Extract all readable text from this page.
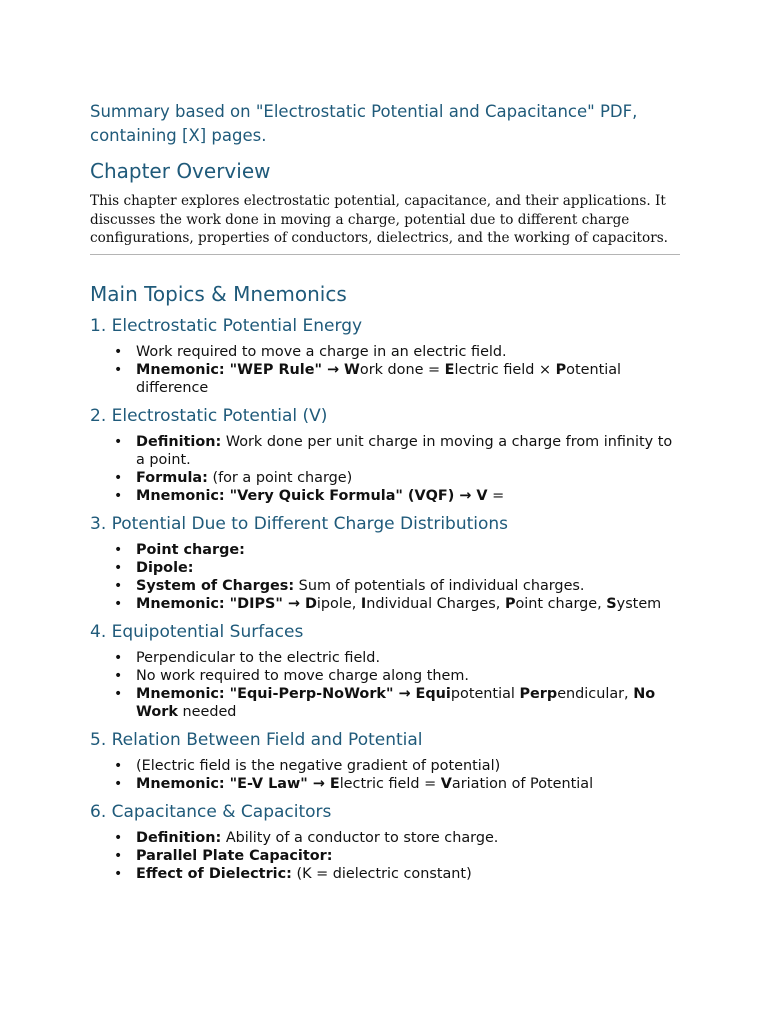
Summary based on "Electrostatic Potential and Capacitance" PDF, containing [X] pages.

Chapter Overview

This chapter explores electrostatic potential, capacitance, and their applications. It discusses the work done in moving a charge, potential due to different charge configurations, properties of conductors, dielectrics, and the working of capacitors.

Main Topics & Mnemonics
1. Electrostatic Potential Energy
• Work required to move a charge in an electric field.
• Mnemonic: "WEP Rule" → Work done = Electric field × Potential difference
2. Electrostatic Potential (V)
• Definition: Work done per unit charge in moving a charge from infinity to a point.
• Formula: (for a point charge)
• Mnemonic: "Very Quick Formula" (VQF) → V =
3. Potential Due to Different Charge Distributions
• Point charge:
• Dipole:
• System of Charges: Sum of potentials of individual charges.
• Mnemonic: "DIPS" → Dipole, Individual Charges, Point charge, System
4. Equipotential Surfaces
• Perpendicular to the electric field.
• No work required to move charge along them.
• Mnemonic: "Equi-Perp-NoWork" → Equipotential Perpendicular, No Work needed
5. Relation Between Field and Potential
• (Electric field is the negative gradient of potential)
• Mnemonic: "E-V Law" → Electric field = Variation of Potential
6. Capacitance & Capacitors
• Definition: Ability of a conductor to store charge.
• Parallel Plate Capacitor:
• Effect of Dielectric: (K = dielectric constant)
